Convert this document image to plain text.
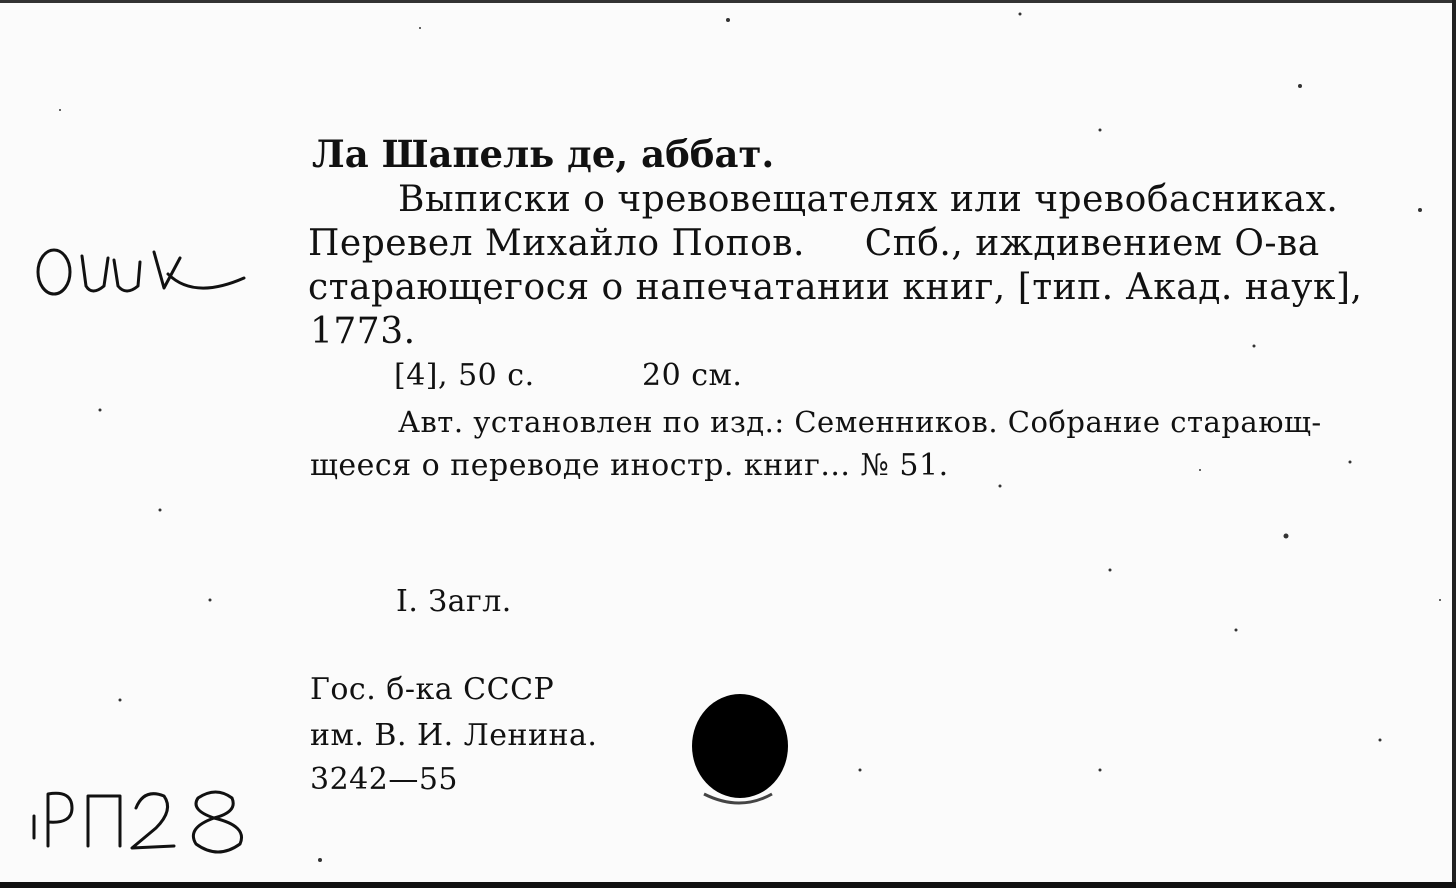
Ла Шапель де, аббат.

Выписки о чревовещателях или чревобасниках.

Перевел Михайло Попов.     Спб., иждивением О-ва

старающегося о напечатании книг, [тип. Акад. наук],

1773.

[4], 50 с.	20 см.

Авт. установлен по изд.: Семенников. Собрание старающ-

щееся о переводе иностр. книг... № 51.

I. Загл.

Гос. б-ка СССР

им. В. И. Ленина.

3242—55
